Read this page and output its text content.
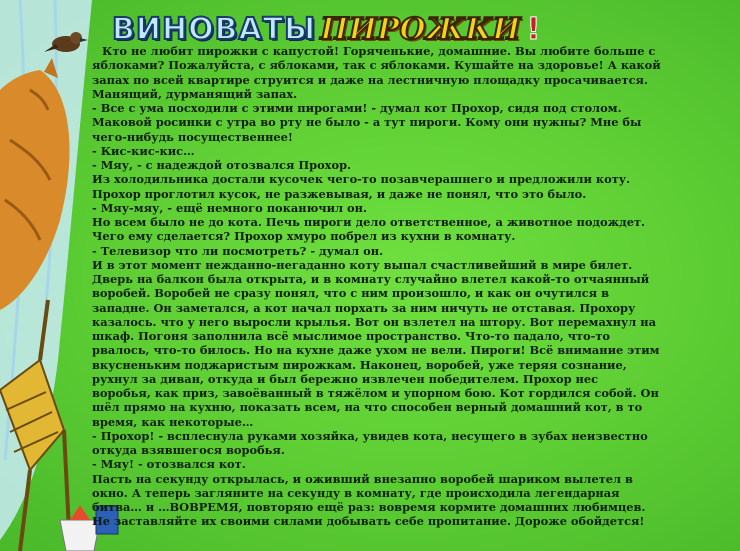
ВИНОВАТЫ ПИРОЖКИ !

Кто не любит пирожки с капустой! Горяченькие, домашние. Вы любите больше с

яблоками? Пожалуйста, с яблоками, так с яблоками. Кушайте на здоровье! А какой

запах по всей квартире струится и даже на лестничную площадку просачивается.

Манящий, дурманящий запах.

- Все с ума посходили с этими пирогами! - думал кот Прохор, сидя под столом.

Маковой росинки с утра во рту не было - а тут пироги. Кому они нужны? Мне бы

чего-нибудь посущественнее!

- Кис-кис-кис…

- Мяу, - с надеждой отозвался Прохор.

Из холодильника достали кусочек чего-то позавчерашнего и предложили коту.

Прохор проглотил кусок, не разжевывая, и даже не понял, что это было.

- Мяу-мяу, - ещё немного поканючил он.

Но всем было не до кота. Печь пироги дело ответственное, а животное подождет.

Чего ему сделается? Прохор хмуро побрел из кухни в комнату.

- Телевизор что ли посмотреть? - думал он.

И в этот момент нежданно-негаданно коту выпал счастливейший в мире билет.

Дверь на балкон была открыта, и в комнату случайно влетел какой-то отчаянный

воробей. Воробей не сразу понял, что с ним произошло, и как он очутился в

западне. Он заметался, а кот начал порхать за ним ничуть не отставая. Прохору

казалось. что у него выросли крылья. Вот он взлетел на штору. Вот перемахнул на

шкаф. Погоня заполнила всё мыслимое пространство. Что-то падало, что-то

рвалось, что-то билось. Но на кухне даже ухом не вели. Пироги! Всё внимание этим

вкусненьким поджаристым пирожкам. Наконец, воробей, уже теряя сознание,

рухнул за диван, откуда и был бережно извлечен победителем. Прохор нес

воробья, как приз, завоёванный в тяжёлом и упорном бою. Кот гордился собой. Он

шёл прямо на кухню, показать всем, на что способен верный домашний кот, в то

время, как некоторые…

- Прохор! - всплеснула руками хозяйка, увидев кота, несущего в зубах неизвестно

откуда взявшегося воробья.

- Мяу! - отозвался кот.

Пасть на секунду открылась, и оживший внезапно воробей шариком вылетел в

окно. А теперь загляните на секунду в комнату, где происходила легендарная

битва… и …ВОВРЕМЯ, повторяю ещё раз: вовремя кормите домашних любимцев.

Не заставляйте их своими силами добывать себе пропитание. Дороже обойдется!
